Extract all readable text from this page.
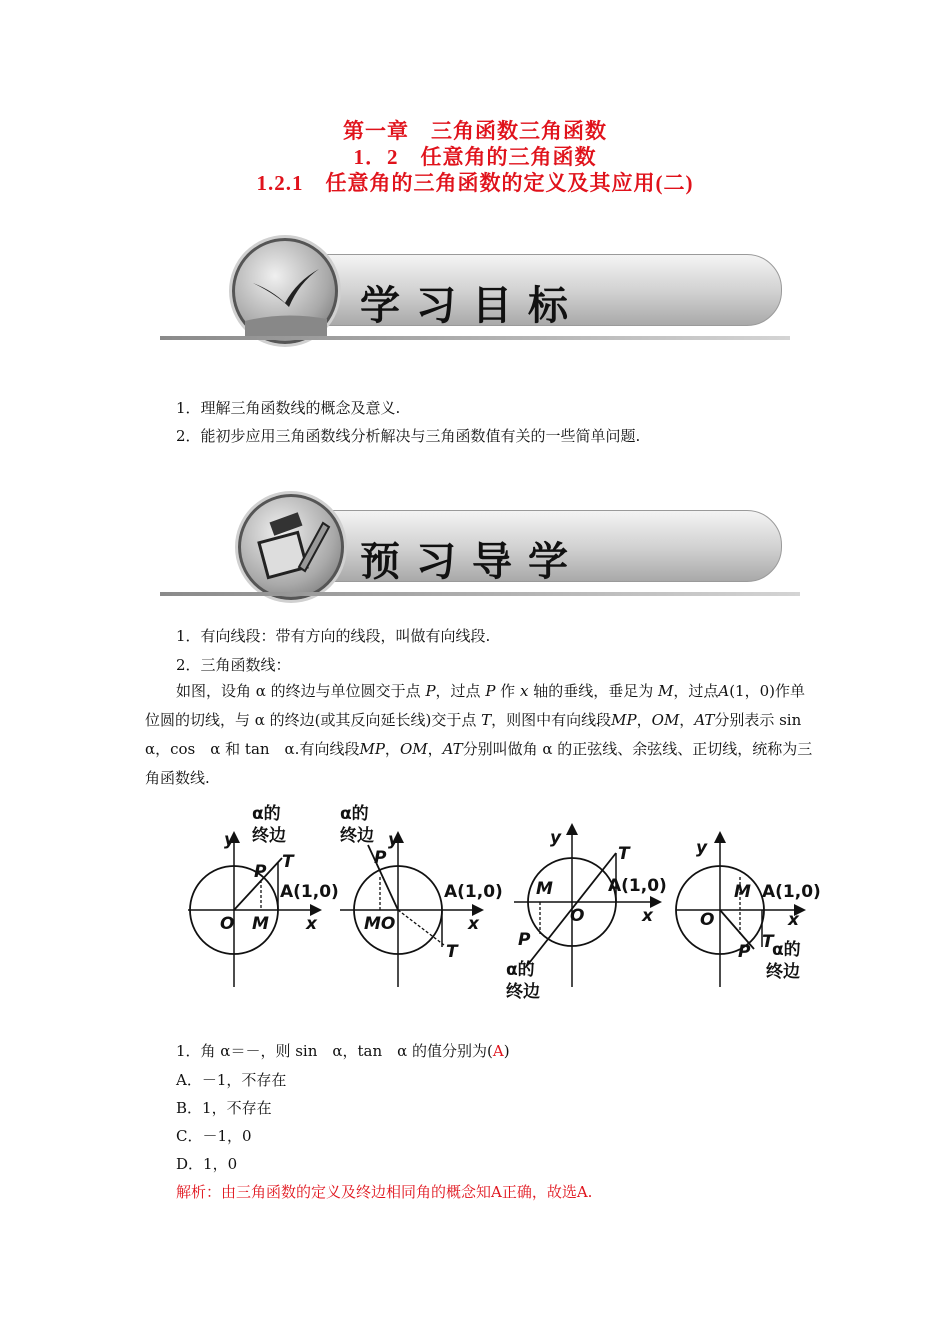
第一章　三角函数三角函数
1．2　任意角的三角函数
1.2.1　任意角的三角函数的定义及其应用(二)
学习目标
1．理解三角函数线的概念及意义.
2．能初步应用三角函数线分析解决与三角函数值有关的一些简单问题.
预习导学
1．有向线段：带有方向的线段，叫做有向线段.
2．三角函数线：
如图，设角 α 的终边与单位圆交于点 P，过点 P 作 x 轴的垂线，垂足为 M，过点A(1，0)作单位圆的切线，与 α 的终边(或其反向延长线)交于点 T，则图中有向线段MP，OM，AT分别表示 sin　α，cos　α 和 tan　α.有向线段MP，OM，AT分别叫做角 α 的正弦线、余弦线、正切线，统称为三角函数线.
y
α的
终边
P T
A(1,0)
O M x
α的
终边 y
P
A(1,0)
MO	x
T
y
T
M	A(1,0)
O	x
P
α的
终边
y
M A(1,0)
O	x
P T
α的
终边
1．角 α＝－，则 sin　α，tan　α 的值分别为(A)
A．－1，不存在
B．1，不存在
C．－1，0
D．1，0
解析：由三角函数的定义及终边相同角的概念知A正确，故选A.
